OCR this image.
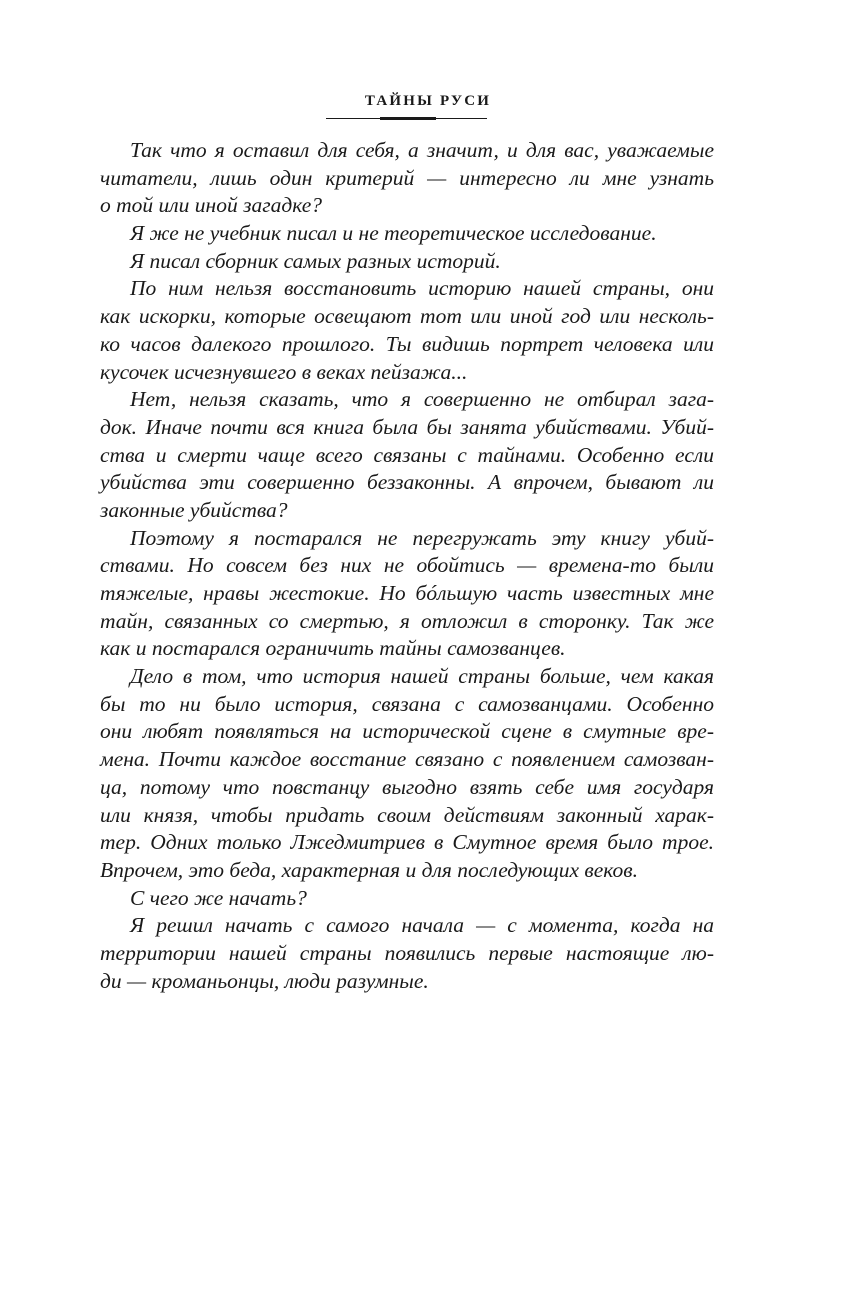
ТАЙНЫ РУСИ
Так что я оставил для себя, а значит, и для вас, уважаемые
читатели, лишь один критерий — интересно ли мне узнать
о той или иной загадке?
Я же не учебник писал и не теоретическое исследование.
Я писал сборник самых разных историй.
По ним нельзя восстановить историю нашей страны, они
как искорки, которые освещают тот или иной год или несколь-
ко часов далекого прошлого. Ты видишь портрет человека или
кусочек исчезнувшего в веках пейзажа...
Нет, нельзя сказать, что я совершенно не отбирал зага-
док. Иначе почти вся книга была бы занята убийствами. Убий-
ства и смерти чаще всего связаны с тайнами. Особенно если
убийства эти совершенно беззаконны. А впрочем, бывают ли
законные убийства?
Поэтому я постарался не перегружать эту книгу убий-
ствами. Но совсем без них не обойтись — времена-то были
тяжелые, нравы жестокие. Но бóльшую часть известных мне
тайн, связанных со смертью, я отложил в сторонку. Так же
как и постарался ограничить тайны самозванцев.
Дело в том, что история нашей страны больше, чем какая
бы то ни было история, связана с самозванцами. Особенно
они любят появляться на исторической сцене в смутные вре-
мена. Почти каждое восстание связано с появлением самозван-
ца, потому что повстанцу выгодно взять себе имя государя
или князя, чтобы придать своим действиям законный харак-
тер. Одних только Лжедмитриев в Смутное время было трое.
Впрочем, это беда, характерная и для последующих веков.
С чего же начать?
Я решил начать с самого начала — с момента, когда на
территории нашей страны появились первые настоящие лю-
ди — кроманьонцы, люди разумные.
